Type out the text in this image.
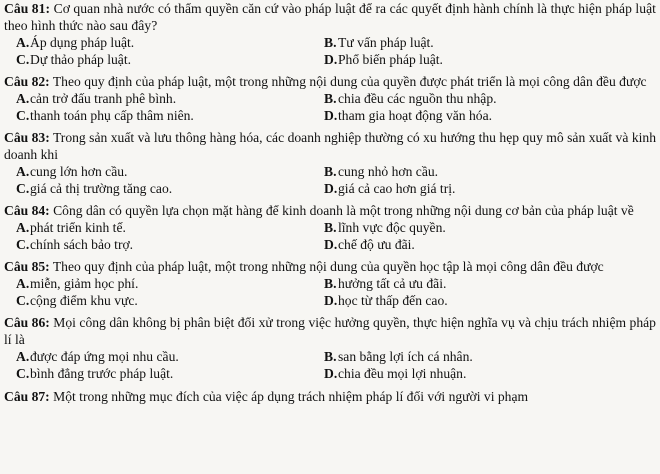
Câu 81: Cơ quan nhà nước có thẩm quyền căn cứ vào pháp luật để ra các quyết định hành chính là thực hiện pháp luật theo hình thức nào sau đây?

A. Áp dụng pháp luật.	B. Tư vấn pháp luật.
C. Dự thảo pháp luật.	D. Phổ biến pháp luật.

Câu 82: Theo quy định của pháp luật, một trong những nội dung của quyền được phát triển là mọi công dân đều được

A. cản trở đấu tranh phê bình.	B. chia đều các nguồn thu nhập.
C. thanh toán phụ cấp thâm niên.	D. tham gia hoạt động văn hóa.

Câu 83: Trong sản xuất và lưu thông hàng hóa, các doanh nghiệp thường có xu hướng thu hẹp quy mô sản xuất và kinh doanh khi

A. cung lớn hơn cầu.	B. cung nhỏ hơn cầu.
C. giá cả thị trường tăng cao.	D. giá cả cao hơn giá trị.

Câu 84: Công dân có quyền lựa chọn mặt hàng để kinh doanh là một trong những nội dung cơ bản của pháp luật về

A. phát triển kinh tế.	B. lĩnh vực độc quyền.
C. chính sách bảo trợ.	D. chế độ ưu đãi.

Câu 85: Theo quy định của pháp luật, một trong những nội dung của quyền học tập là mọi công dân đều được

A. miễn, giảm học phí.	B. hưởng tất cả ưu đãi.
C. cộng điểm khu vực.	D. học từ thấp đến cao.

Câu 86: Mọi công dân không bị phân biệt đối xử trong việc hưởng quyền, thực hiện nghĩa vụ và chịu trách nhiệm pháp lí là

A. được đáp ứng mọi nhu cầu.	B. san bằng lợi ích cá nhân.
C. bình đẳng trước pháp luật.	D. chia đều mọi lợi nhuận.

Câu 87: Một trong những mục đích của việc áp dụng trách nhiệm pháp lí đối với người vi phạm
